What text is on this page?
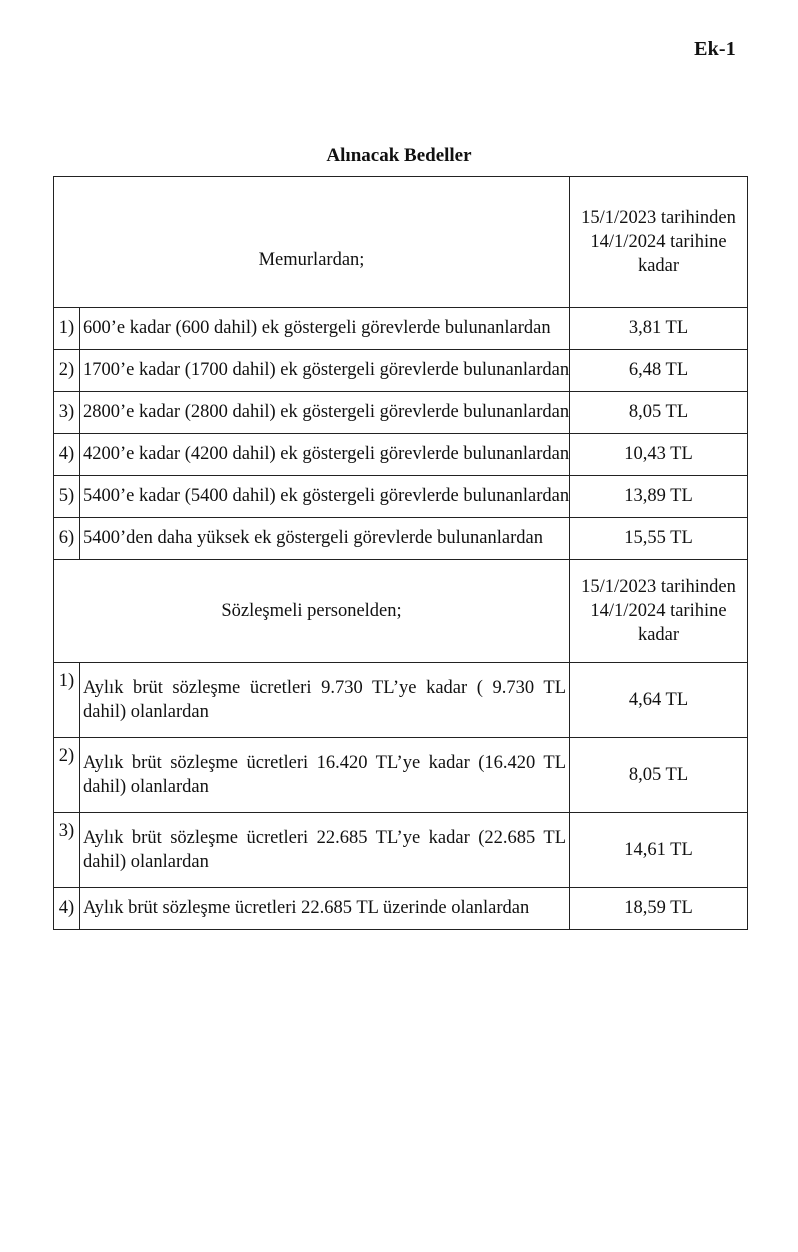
Ek-1
Alınacak Bedeller
Memurlardan;		15/1/2023 tarihinden
14/1/2024 tarihine
kadar

1)	600’e kadar (600 dahil) ek göstergeli görevlerde bulunanlardan	3,81 TL
2)	1700’e kadar (1700 dahil) ek göstergeli görevlerde bulunanlardan	6,48 TL
3)	2800’e kadar (2800 dahil) ek göstergeli görevlerde bulunanlardan	8,05 TL
4)	4200’e kadar (4200 dahil) ek göstergeli görevlerde bulunanlardan	10,43 TL
5)	5400’e kadar (5400 dahil) ek göstergeli görevlerde bulunanlardan	13,89 TL
6)	5400’den daha yüksek ek göstergeli görevlerde bulunanlardan	15,55 TL
Sözleşmeli personelden;		15/1/2023 tarihinden
14/1/2024 tarihine
kadar

1)	Aylık brüt sözleşme ücretleri 9.730 TL’ye kadar ( 9.730 TL dahil) olanlardan	4,64 TL
2)	Aylık brüt sözleşme ücretleri 16.420 TL’ye kadar (16.420 TL dahil) olanlardan	8,05 TL
3)	Aylık brüt sözleşme ücretleri 22.685 TL’ye kadar (22.685 TL dahil) olanlardan	14,61 TL
4)	Aylık brüt sözleşme ücretleri 22.685 TL üzerinde olanlardan	18,59 TL
